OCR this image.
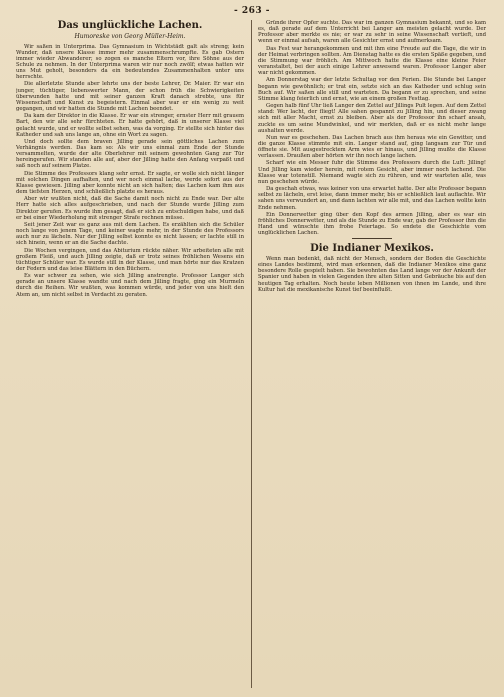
- 263 -
Das unglückliche Lachen.
Humoreske von Georg Müller-Heim.

Wir saßen in Unterprima. Das Gymnasium in Wichtstädt galt als streng; kein Wunder, daß unsere Klasse immer mehr zusammenschrumpfte. Es gab Ostern immer wieder Abwanderer; so zogen es manche Eltern vor, ihre Söhne aus der Schule zu nehmen. In der Unterprima waren wir nur noch zwölf; etwas hatten wir uns Mut geholt, besonders da ein bedeutendes Zusammenhalten unter uns herrschte.

Die allerletzte Stunde aber lehrte uns der beste Lehrer, Dr. Maier. Er war ein junger, tüchtiger, liebenswerter Mann, der schon früh die Schwierigkeiten überwunden hatte und mit seiner ganzen Kraft danach strebte, uns für Wissenschaft und Kunst zu begeistern. Einmal aber war er ein wenig zu weit gegangen, und wir hatten die Stunde mit Lachen beendet.

Da kam der Direktor in die Klasse. Er war ein strenger, ernster Herr mit grauem Bart, den wir alle sehr fürchteten. Er hatte gehört, daß in unserer Klasse viel gelacht wurde, und er wollte selbst sehen, was da vorging. Er stellte sich hinter das Katheder und sah uns lange an, ohne ein Wort zu sagen.

Und doch sollte dem braven Jilling gerade sein göttliches Lachen zum Verhängnis werden. Das kam so: Als wir uns einmal zum Ende der Stunde versammelten, wurde der alte Oberlehrer mit seinem gewohnten Gang zur Tür hereingerufen. Wir standen alle auf, aber der Jilling hatte den Anfang verpaßt und saß noch auf seinem Platze.

Die Stimme des Professors klang sehr ernst. Er sagte, er wolle sich nicht länger mit solchen Dingen aufhalten, und wer noch einmal lache, werde sofort aus der Klasse gewiesen. Jilling aber konnte nicht an sich halten; das Lachen kam ihm aus dem tiefsten Herzen, und schließlich platzte es heraus.

Aber wir wußten nicht, daß die Sache damit noch nicht zu Ende war. Der alte Herr hatte sich alles aufgeschrieben, und nach der Stunde wurde Jilling zum Direktor gerufen. Es wurde ihm gesagt, daß er sich zu entschuldigen habe, und daß er bei einer Wiederholung mit strenger Strafe rechnen müsse.

Seit jener Zeit war es ganz aus mit dem Lachen. Es erzählten sich die Schüler noch lange von jenem Tage, und keiner wagte mehr, in der Stunde des Professors auch nur zu lächeln. Nur der Jilling selbst konnte es nicht lassen; er lachte still in sich hinein, wenn er an die Sache dachte.

Die Wochen vergingen, und das Abiturium rückte näher. Wir arbeiteten alle mit großem Fleiß, und auch Jilling zeigte, daß er trotz seines fröhlichen Wesens ein tüchtiger Schüler war. Es wurde still in der Klasse, und man hörte nur das Kratzen der Federn und das leise Blättern in den Büchern.

Es war schwer zu sehen, wie sich Jilling anstrengte. Professor Langer sich gerade an unsere Klasse wandte und nach dem Jilling fragte, ging ein Murmeln durch die Reihen. Wir wußten, was kommen würde, und jeder von uns hielt den Atem an, um nicht selbst in Verdacht zu geraten.

Gründe ihrer Opfer suchte. Das war im ganzen Gymnasium bekannt, und so kam es, daß gerade auf dem Unterricht bei Langer am meisten gelacht wurde. Der Professor aber merkte es nie; er war zu sehr in seine Wissenschaft vertieft, und wenn er einmal aufsah, waren alle Gesichter ernst und aufmerksam.

Das Fest war herangekommen und mit ihm eine Freude auf die Tage, die wir in der Heimat verbringen sollten. Am Dienstag hatte es die ersten Späße gegeben, und die Stimmung war fröhlich. Am Mittwoch hatte die Klasse eine kleine Feier veranstaltet, bei der auch einige Lehrer anwesend waren. Professor Langer aber war nicht gekommen.

Am Donnerstag war der letzte Schultag vor den Ferien. Die Stunde bei Langer begann wie gewöhnlich; er trat ein, setzte sich an das Katheder und schlug sein Buch auf. Wir saßen alle still und warteten. Da begann er zu sprechen, und seine Stimme klang feierlich und ernst, wie an einem großen Festtag.

Gegen halb fünf Uhr ließ Langer den Zettel auf Jillings Pult legen. Auf dem Zettel stand: Wer lacht, der fliegt! Alle sahen gespannt zu Jilling hin, und dieser zwang sich mit aller Macht, ernst zu bleiben. Aber als der Professor ihn scharf ansah, zuckte es um seine Mundwinkel, und wir merkten, daß er es nicht mehr lange aushalten werde.

Nun war es geschehen. Das Lachen brach aus ihm heraus wie ein Gewitter, und die ganze Klasse stimmte mit ein. Langer stand auf, ging langsam zur Tür und öffnete sie. Mit ausgestrecktem Arm wies er hinaus, und Jilling mußte die Klasse verlassen. Draußen aber hörten wir ihn noch lange lachen.

Scharf wie ein Messer fuhr die Stimme des Professors durch die Luft: Jilling! Und Jilling kam wieder herein, mit rotem Gesicht, aber immer noch lachend. Die Klasse war totenstill. Niemand wagte sich zu rühren, und wir warteten alle, was nun geschehen würde.

Da geschah etwas, was keiner von uns erwartet hatte. Der alte Professor begann selbst zu lächeln, erst leise, dann immer mehr, bis er schließlich laut auflachte. Wir sahen uns verwundert an, und dann lachten wir alle mit, und das Lachen wollte kein Ende nehmen.

Ein Donnerwetter ging über den Kopf des armen Jilling, aber es war ein fröhliches Donnerwetter, und als die Stunde zu Ende war, gab der Professor ihm die Hand und wünschte ihm frohe Feiertage. So endete die Geschichte vom unglücklichen Lachen.

Die Indianer Mexikos.

Wenn man bedenkt, daß nicht der Mensch, sondern der Boden die Geschichte eines Landes bestimmt, wird man erkennen, daß die Indianer Mexikos eine ganz besondere Rolle gespielt haben. Sie bewohnten das Land lange vor der Ankunft der Spanier und haben in vielen Gegenden ihre alten Sitten und Gebräuche bis auf den heutigen Tag erhalten. Noch heute leben Millionen von ihnen im Lande, und ihre Kultur hat die mexikanische Kunst tief beeinflußt.
